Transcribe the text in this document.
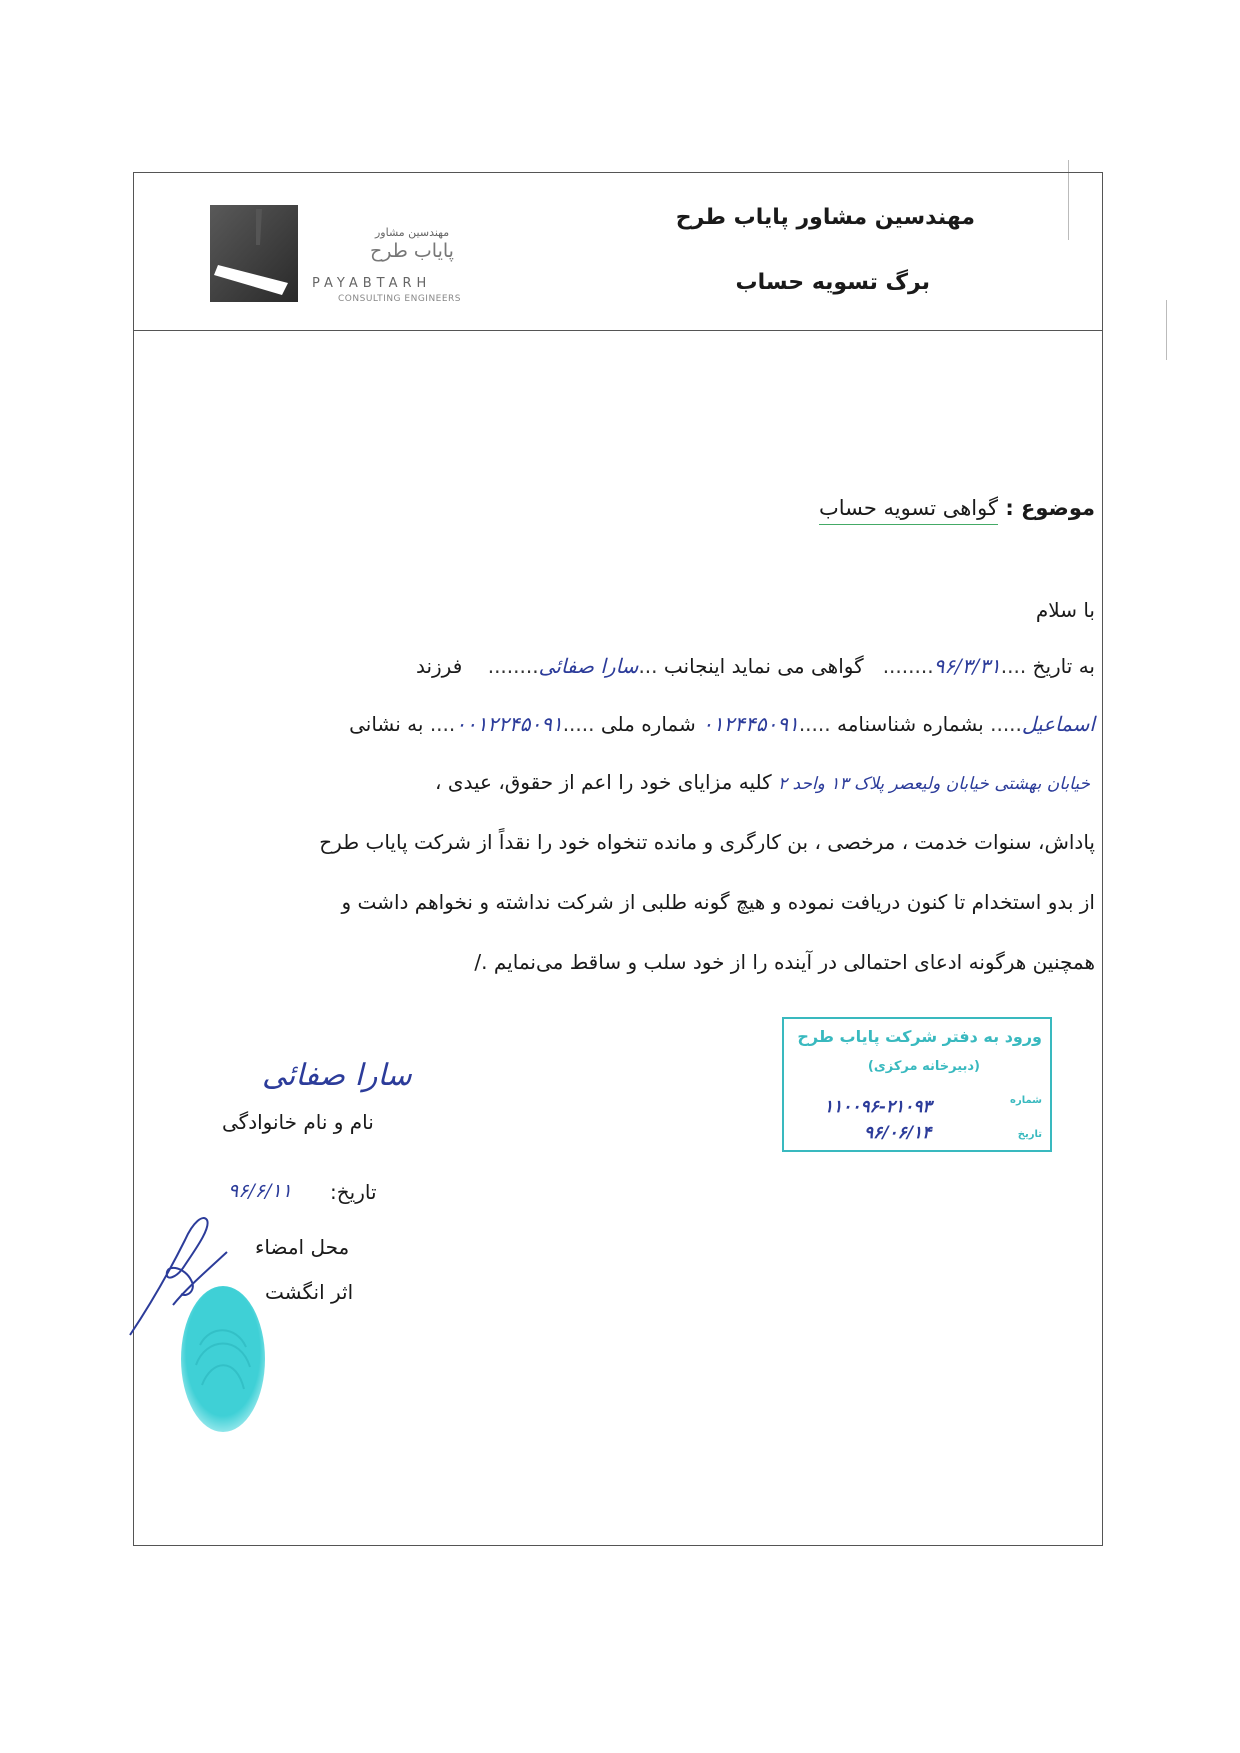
مهندسین مشاور پایاب طرح
برگ تسویه حساب
مهندسین مشاور
پایاب طرح
PAYABTARH
CONSULTING ENGINEERS
موضوع : گواهی تسویه حساب
با سلام
به تاریخ ....۹۶/۳/۳۱........   گواهی می نماید اینجانب ...سارا صفائی........    فرزند
اسماعیل..... بشماره شناسنامه .....۰۱۲۴۴۵۰۹۱ شماره ملی .....۰۰۱۲۲۴۵۰۹۱.... به نشانی
خیابان بهشتی خیابان ولیعصر پلاک ۱۳ واحد ۲ کلیه مزایای خود را اعم از حقوق، عیدی ،
پاداش، سنوات خدمت ، مرخصی ، بن کارگری و مانده تنخواه خود را نقداً از شرکت پایاب طرح
از بدو استخدام تا کنون دریافت نموده و هیچ گونه طلبی از شرکت نداشته و نخواهم داشت و
همچنین هرگونه ادعای احتمالی در آینده را از خود سلب و ساقط می‌نمایم ./
ورود به دفتر شرکت پایاب طرح
(دبیرخانه مرکزی)
شماره
تاریخ
۱۱۰۰۹۶-۲۱۰۹۳
۹۶/۰۶/۱۴
سارا صفائی
نام و نام خانوادگی
تاریخ:
۹۶/۶/۱۱
محل امضاء
اثر انگشت
